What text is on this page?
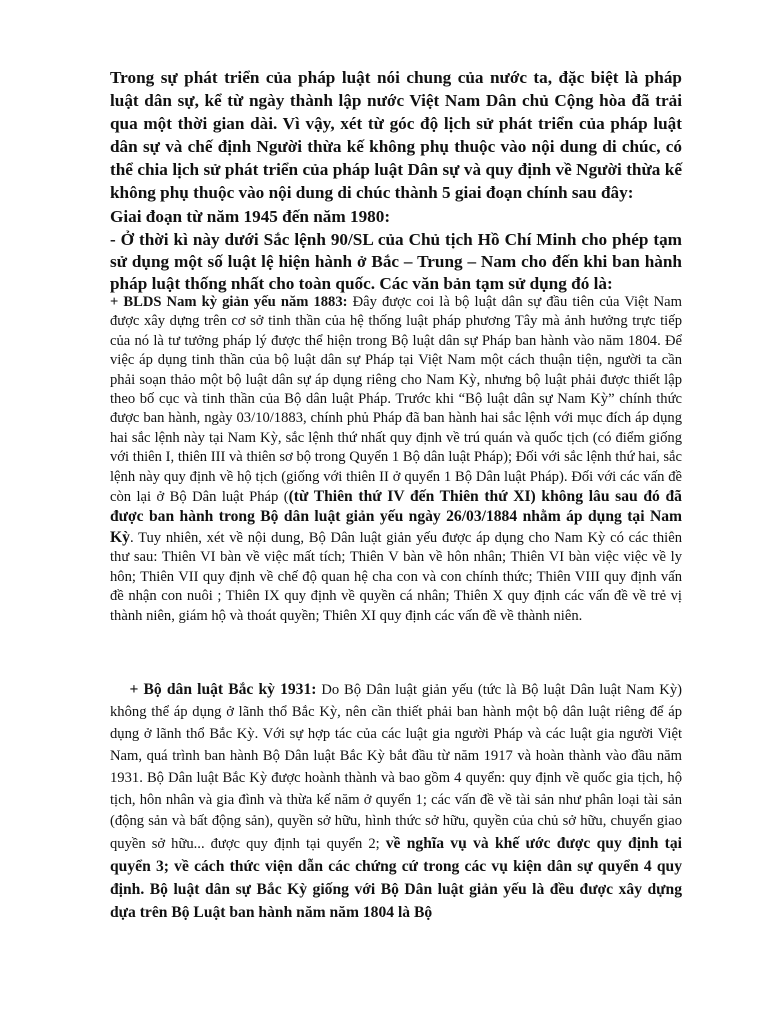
Trong sự phát triển của pháp luật nói chung của nước ta, đặc biệt là pháp luật dân sự, kể từ ngày thành lập nước Việt Nam Dân chủ Cộng hòa đã trải qua một thời gian dài. Vì vậy, xét từ góc độ lịch sử phát triển của pháp luật dân sự và chế định Người thừa kế không phụ thuộc vào nội dung di chúc, có thể chia lịch sử phát triển của pháp luật Dân sự và quy định về Người thừa kế không phụ thuộc vào nội dung di chúc thành 5 giai đoạn chính sau đây:

Giai đoạn từ năm 1945 đến năm 1980:

- Ở thời kì này dưới Sắc lệnh 90/SL của Chủ tịch Hồ Chí Minh cho phép tạm sử dụng một số luật lệ hiện hành ở Bắc – Trung – Nam cho đến khi ban hành pháp luật thống nhất cho toàn quốc. Các văn bản tạm sử dụng đó là:

+ BLDS Nam kỳ giản yếu năm 1883: Đây được coi là bộ luật dân sự đầu tiên của Việt Nam được xây dựng trên cơ sở tinh thần của hệ thống luật pháp phương Tây mà ảnh hưởng trực tiếp của nó là tư tưởng pháp lý được thể hiện trong Bộ luật dân sự Pháp ban hành vào năm 1804. Để việc áp dụng tinh thần của bộ luật dân sự Pháp tại Việt Nam một cách thuận tiện, người ta cần phải soạn thảo một bộ luật dân sự áp dụng riêng cho Nam Kỳ, nhưng bộ luật phải được thiết lập theo bố cục và tinh thần của Bộ dân luật Pháp. Trước khi “Bộ luật dân sự Nam Kỳ” chính thức được ban hành, ngày 03/10/1883, chính phủ Pháp đã ban hành hai sắc lệnh với mục đích áp dụng hai sắc lệnh này tại Nam Kỳ, sắc lệnh thứ nhất quy định về trú quán và quốc tịch (có điểm giống với thiên I, thiên III và thiên sơ bộ trong Quyển 1 Bộ dân luật Pháp); Đối với sắc lệnh thứ hai, sắc lệnh này quy định về hộ tịch (giống với thiên II ở quyển 1 Bộ Dân luật Pháp). Đối với các vấn đề còn lại ở Bộ Dân luật Pháp ((từ Thiên thứ IV đến Thiên thứ XI) không lâu sau đó đã được ban hành trong Bộ dân luật giản yếu ngày 26/03/1884 nhằm áp dụng tại Nam Kỳ. Tuy nhiên, xét về nội dung, Bộ Dân luật giản yếu được áp dụng cho Nam Kỳ có các thiên thư sau: Thiên VI bàn về việc mất tích; Thiên V bàn về hôn nhân; Thiên VI bàn việc việc về ly hôn; Thiên VII quy định về chế độ quan hệ cha con và con chính thức; Thiên VIII quy định vấn đề nhận con nuôi ; Thiên IX quy định về quyền cá nhân; Thiên X quy định các vấn đề về trẻ vị thành niên, giám hộ và thoát quyền; Thiên XI quy định các vấn đề về thành niên.

+ Bộ dân luật Bắc kỳ 1931: Do Bộ Dân luật giản yếu (tức là Bộ luật Dân luật Nam Kỳ) không thể áp dụng ở lãnh thổ Bắc Kỳ, nên cần thiết phải ban hành một bộ dân luật riêng để áp dụng ở lãnh thổ Bắc Kỳ. Với sự hợp tác của các luật gia người Pháp và các luật gia người Việt Nam, quá trình ban hành Bộ Dân luật Bắc Kỳ bắt đầu từ năm 1917 và hoàn thành vào đầu năm 1931. Bộ Dân luật Bắc Kỳ được hoành thành và bao gồm 4 quyển: quy định về quốc gia tịch, hộ tịch, hôn nhân và gia đình và thừa kế năm ở quyển 1; các vấn đề về tài sản như phân loại tài sản (động sản và bất động sản), quyền sở hữu, hình thức sở hữu, quyền của chủ sở hữu, chuyển giao quyền sở hữu... được quy định tại quyển 2; về nghĩa vụ và khế ước được quy định tại quyển 3; về cách thức viện dẫn các chứng cứ trong các vụ kiện dân sự quyển 4 quy định. Bộ luật dân sự Bắc Kỳ giống với Bộ Dân luật giản yếu là đều được xây dựng dựa trên Bộ Luật ban hành năm năm 1804 là Bộ
